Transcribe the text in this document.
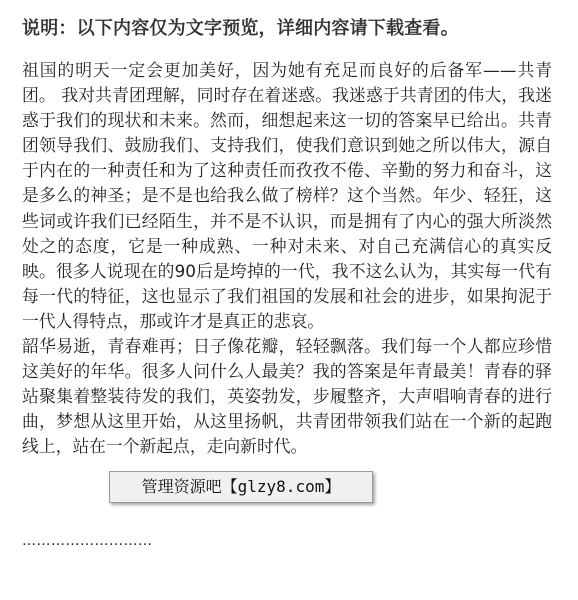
说明：以下内容仅为文字预览，详细内容请下载查看。

祖国的明天一定会更加美好，因为她有充足而良好的后备军——共青团。 我对共青团理解，同时存在着迷惑。我迷惑于共青团的伟大，我迷惑于我们的现状和未来。然而，细想起来这一切的答案早已给出。共青团领导我们、鼓励我们、支持我们，使我们意识到她之所以伟大，源自于内在的一种责任和为了这种责任而孜孜不倦、辛勤的努力和奋斗，这是多么的神圣；是不是也给我么做了榜样？这个当然。年少、轻狂，这些词或许我们已经陌生，并不是不认识，而是拥有了内心的强大所淡然处之的态度，它是一种成熟、一种对未来、对自己充满信心的真实反映。很多人说现在的90后是垮掉的一代，我不这么认为，其实每一代有每一代的特征，这也显示了我们祖国的发展和社会的进步，如果拘泥于一代人得特点，那或许才是真正的悲哀。

韶华易逝，青春难再；日子像花瓣，轻轻飘落。我们每一个人都应珍惜这美好的年华。很多人问什么人最美？我的答案是年青最美！青春的驿站聚集着整装待发的我们，英姿勃发，步履整齐，大声唱响青春的进行曲，梦想从这里开始，从这里扬帆，共青团带领我们站在一个新的起跑线上，站在一个新起点，走向新时代。

………………………
管理资源吧【glzy8.com】
